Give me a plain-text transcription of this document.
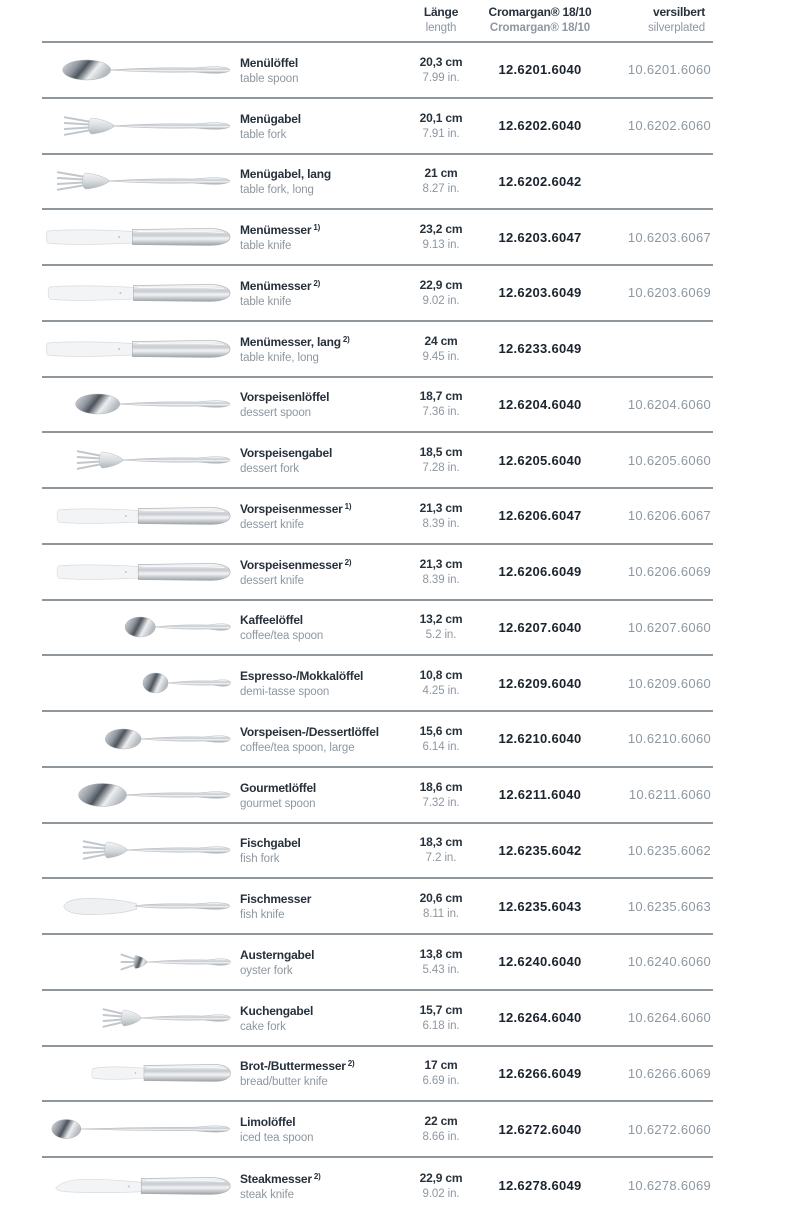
Länge
length
Cromargan® 18/10
Cromargan® 18/10
versilbert
silverplated
Menülöffel
table spoon
20,3 cm
7.99 in.
12.6201.6040	10.6201.6060
Menügabel
table fork
20,1 cm
7.91 in.
12.6202.6040	10.6202.6060
Menügabel, lang
table fork, long
21 cm
8.27 in.
12.6202.6042
Menümesser $^{1)}$
table knife
23,2 cm
9.13 in.
12.6203.6047	10.6203.6067
Menümesser $^{2)}$
table knife
22,9 cm
9.02 in.
12.6203.6049	10.6203.6069
Menümesser, lang $^{2)}$
table knife, long
24 cm
9.45 in.
12.6233.6049
Vorspeisenlöffel
dessert spoon
18,7 cm
7.36 in.
12.6204.6040	10.6204.6060
Vorspeisengabel
dessert fork
18,5 cm
7.28 in.
12.6205.6040	10.6205.6060
Vorspeisenmesser $^{1)}$
dessert knife
21,3 cm
8.39 in.
12.6206.6047	10.6206.6067
Vorspeisenmesser $^{2)}$
dessert knife
21,3 cm
8.39 in.
12.6206.6049	10.6206.6069
Kaffeelöffel
coffee/tea spoon
13,2 cm
5.2 in.
12.6207.6040	10.6207.6060
Espresso-/Mokkalöffel
demi-tasse spoon
10,8 cm
4.25 in.
12.6209.6040	10.6209.6060
Vorspeisen-/Dessertlöffel
coffee/tea spoon, large
15,6 cm
6.14 in.
12.6210.6040	10.6210.6060
Gourmetlöffel
gourmet spoon
18,6 cm
7.32 in.
12.6211.6040	10.6211.6060
Fischgabel
fish fork
18,3 cm
7.2 in.
12.6235.6042	10.6235.6062
Fischmesser
fish knife
20,6 cm
8.11 in.
12.6235.6043	10.6235.6063
Austerngabel
oyster fork
13,8 cm
5.43 in.
12.6240.6040	10.6240.6060
Kuchengabel
cake fork
15,7 cm
6.18 in.
12.6264.6040	10.6264.6060
Brot-/Buttermesser $^{2)}$
bread/butter knife
17 cm
6.69 in.
12.6266.6049	10.6266.6069
Limolöffel
iced tea spoon
22 cm
8.66 in.
12.6272.6040	10.6272.6060
Steakmesser $^{2)}$
steak knife
22,9 cm
9.02 in.
12.6278.6049	10.6278.6069
